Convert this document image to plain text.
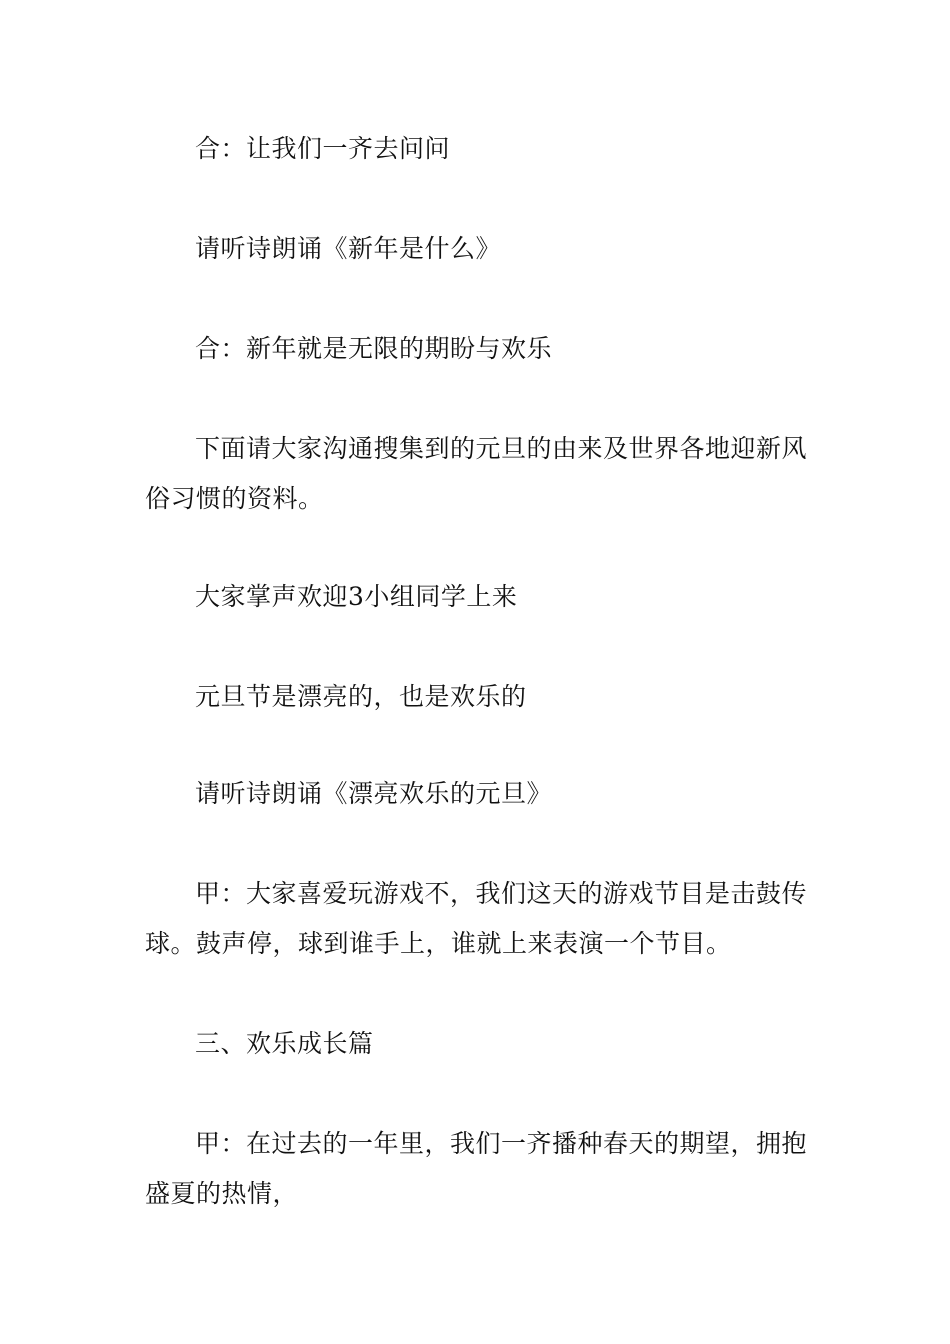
合：让我们一齐去问问

请听诗朗诵《新年是什么》

合：新年就是无限的期盼与欢乐

下面请大家沟通搜集到的元旦的由来及世界各地迎新风俗习惯的资料。

大家掌声欢迎3小组同学上来

元旦节是漂亮的，也是欢乐的

请听诗朗诵《漂亮欢乐的元旦》

甲：大家喜爱玩游戏不，我们这天的游戏节目是击鼓传球。鼓声停，球到谁手上，谁就上来表演一个节目。

三、欢乐成长篇

甲：在过去的一年里，我们一齐播种春天的期望，拥抱盛夏的热情，
